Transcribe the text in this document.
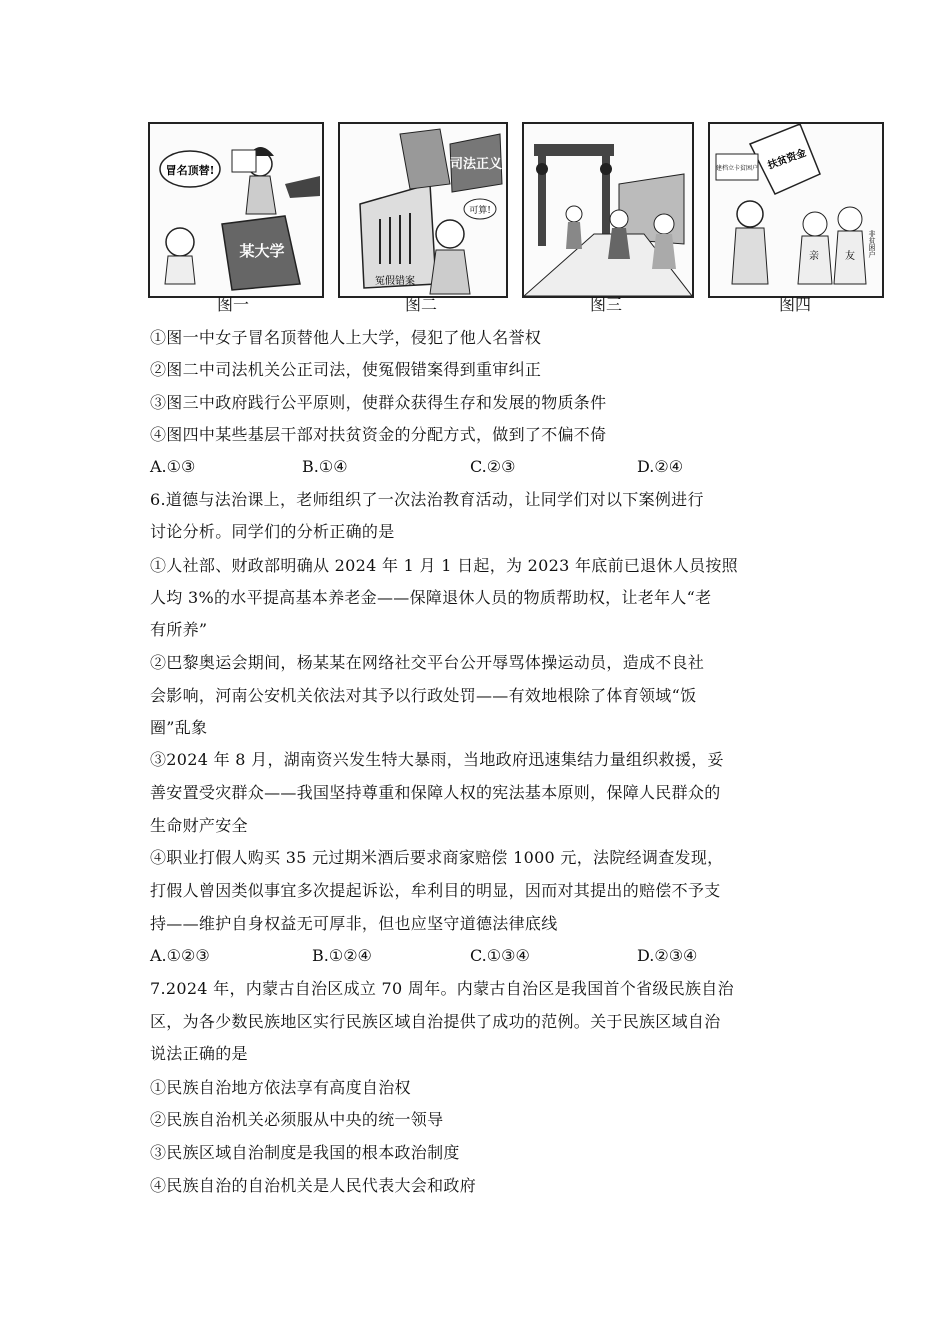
冒名顶替!
某大学
冤假错案
司法正义
可算!
扶贫资金
建档立卡贫困户
亲	友 非贫困户
图一	图二	图三	图四
①图一中女子冒名顶替他人上大学，侵犯了他人名誉权
②图二中司法机关公正司法，使冤假错案得到重审纠正
③图三中政府践行公平原则，使群众获得生存和发展的物质条件
④图四中某些基层干部对扶贫资金的分配方式，做到了不偏不倚
A.①③	B.①④	C.②③	D.②④
6.道德与法治课上，老师组织了一次法治教育活动，让同学们对以下案例进行
讨论分析。同学们的分析正确的是
①人社部、财政部明确从 2024 年 1 月 1 日起，为 2023 年底前已退休人员按照
人均 3%的水平提高基本养老金——保障退休人员的物质帮助权，让老年人“老
有所养”
②巴黎奥运会期间，杨某某在网络社交平台公开辱骂体操运动员，造成不良社
会影响，河南公安机关依法对其予以行政处罚——有效地根除了体育领域“饭
圈”乱象
③2024 年 8 月，湖南资兴发生特大暴雨，当地政府迅速集结力量组织救援，妥
善安置受灾群众——我国坚持尊重和保障人权的宪法基本原则，保障人民群众的
生命财产安全
④职业打假人购买 35 元过期米酒后要求商家赔偿 1000 元，法院经调查发现，
打假人曾因类似事宜多次提起诉讼，牟利目的明显，因而对其提出的赔偿不予支
持——维护自身权益无可厚非，但也应坚守道德法律底线
A.①②③	B.①②④	C.①③④	D.②③④
7.2024 年，内蒙古自治区成立 70 周年。内蒙古自治区是我国首个省级民族自治
区，为各少数民族地区实行民族区域自治提供了成功的范例。关于民族区域自治
说法正确的是
①民族自治地方依法享有高度自治权
②民族自治机关必须服从中央的统一领导
③民族区域自治制度是我国的根本政治制度
④民族自治的自治机关是人民代表大会和政府
